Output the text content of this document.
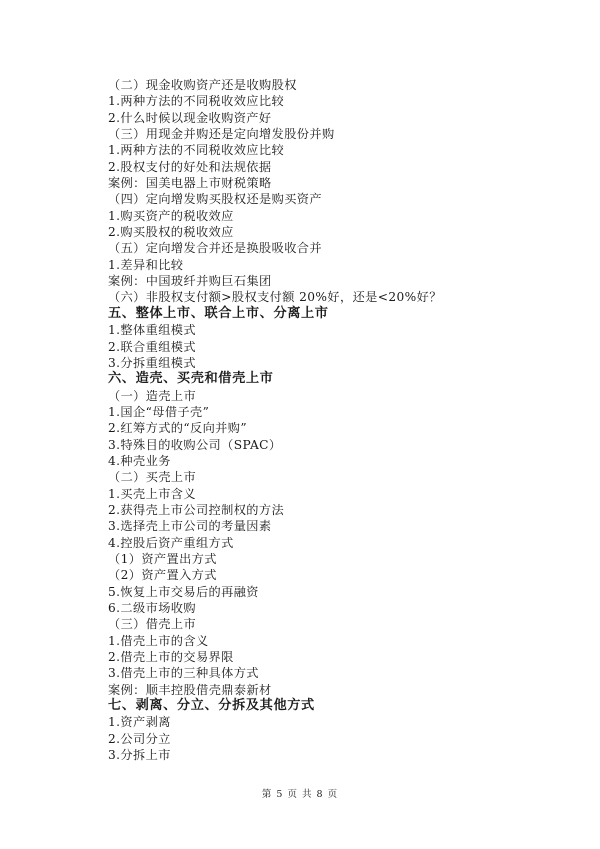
（二）现金收购资产还是收购股权
1.两种方法的不同税收效应比较
2.什么时候以现金收购资产好
（三）用现金并购还是定向增发股份并购
1.两种方法的不同税收效应比较
2.股权支付的好处和法规依据
案例：国美电器上市财税策略
（四）定向增发购买股权还是购买资产
1.购买资产的税收效应
2.购买股权的税收效应
（五）定向增发合并还是换股吸收合并
1.差异和比较
案例：中国玻纤并购巨石集团
（六）非股权支付额>股权支付额 20%好，还是<20%好？
五、整体上市、联合上市、分离上市
1.整体重组模式
2.联合重组模式
3.分拆重组模式
六、造壳、买壳和借壳上市
（一）造壳上市
1.国企“母借子壳”
2.红筹方式的“反向并购”
3.特殊目的收购公司（SPAC）
4.种壳业务
（二）买壳上市
1.买壳上市含义
2.获得壳上市公司控制权的方法
3.选择壳上市公司的考量因素
4.控股后资产重组方式
（1）资产置出方式
（2）资产置入方式
5.恢复上市交易后的再融资
6.二级市场收购
（三）借壳上市
1.借壳上市的含义
2.借壳上市的交易界限
3.借壳上市的三种具体方式
案例：顺丰控股借壳鼎泰新材
七、剥离、分立、分拆及其他方式
1.资产剥离
2.公司分立
3.分拆上市
第 5 页 共 8 页
